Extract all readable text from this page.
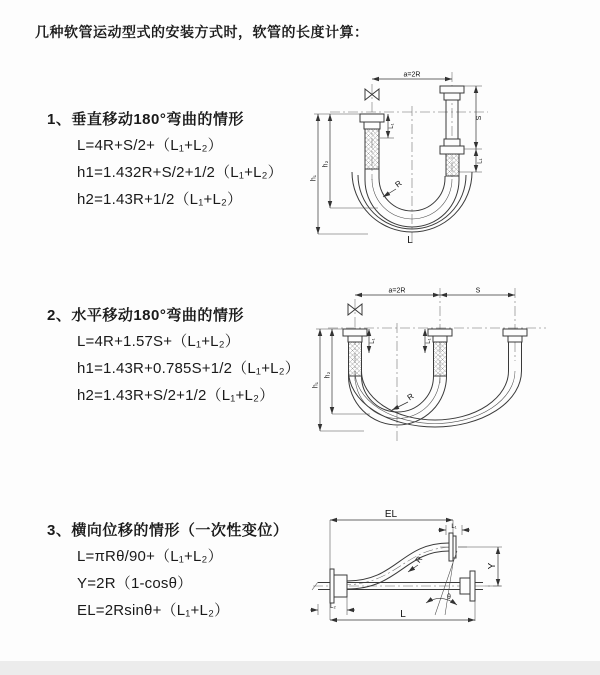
几种软管运动型式的安装方式时，软管的长度计算：
1、垂直移动180°弯曲的情形
L=4R+S/2+（L₁+L₂）
h1=1.432R+S/2+1/2（L₁+L₂）
h2=1.43R+1/2（L₁+L₂）
a=2R
h₁
h₂
S
L₁
L₁
R
L
2、水平移动180°弯曲的情形
L=4R+1.57S+（L₁+L₂）
h1=1.43R+0.785S+1/2（L₁+L₂）
h2=1.43R+S/2+1/2（L₁+L₂）
a=2R	S
h₁
h₂
L₁	L₁
R
3、横向位移的情形（一次性变位）
L=πRθ/90+（L₁+L₂）
Y=2R（1-cosθ）
EL=2Rsinθ+（L₁+L₂）
EL
L₁
θ
R
Y
L₂
L
